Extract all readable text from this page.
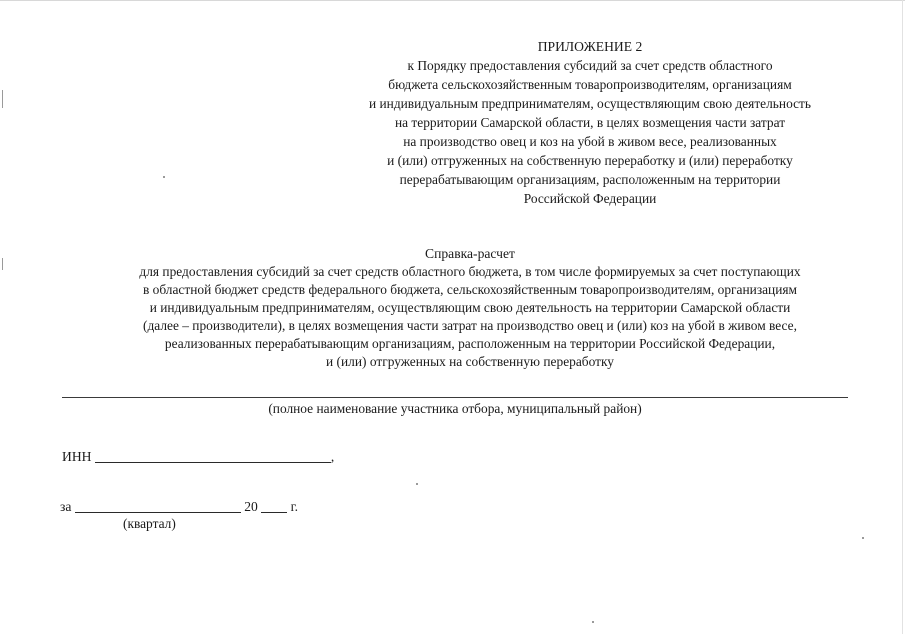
ПРИЛОЖЕНИЕ 2
к Порядку предоставления субсидий за счет средств областного
бюджета сельскохозяйственным товаропроизводителям, организациям
и индивидуальным предпринимателям, осуществляющим свою деятельность
на территории Самарской области, в целях возмещения части затрат
на производство овец и коз на убой в живом весе, реализованных
и (или) отгруженных на собственную переработку и (или) переработку
перерабатывающим организациям, расположенным на территории
Российской Федерации
Справка-расчет
для предоставления субсидий за счет средств областного бюджета, в том числе формируемых за счет поступающих
в областной бюджет средств федерального бюджета, сельскохозяйственным товаропроизводителям, организациям
и индивидуальным предпринимателям, осуществляющим свою деятельность на территории Самарской области
(далее – производители), в целях возмещения части затрат на производство овец и (или) коз на убой в живом весе,
реализованных перерабатывающим организациям, расположенным на территории Российской Федерации,
и (или) отгруженных на собственную переработку
(полное наименование участника отбора, муниципальный район)
ИНН	,
за	20 г.
(квартал)
